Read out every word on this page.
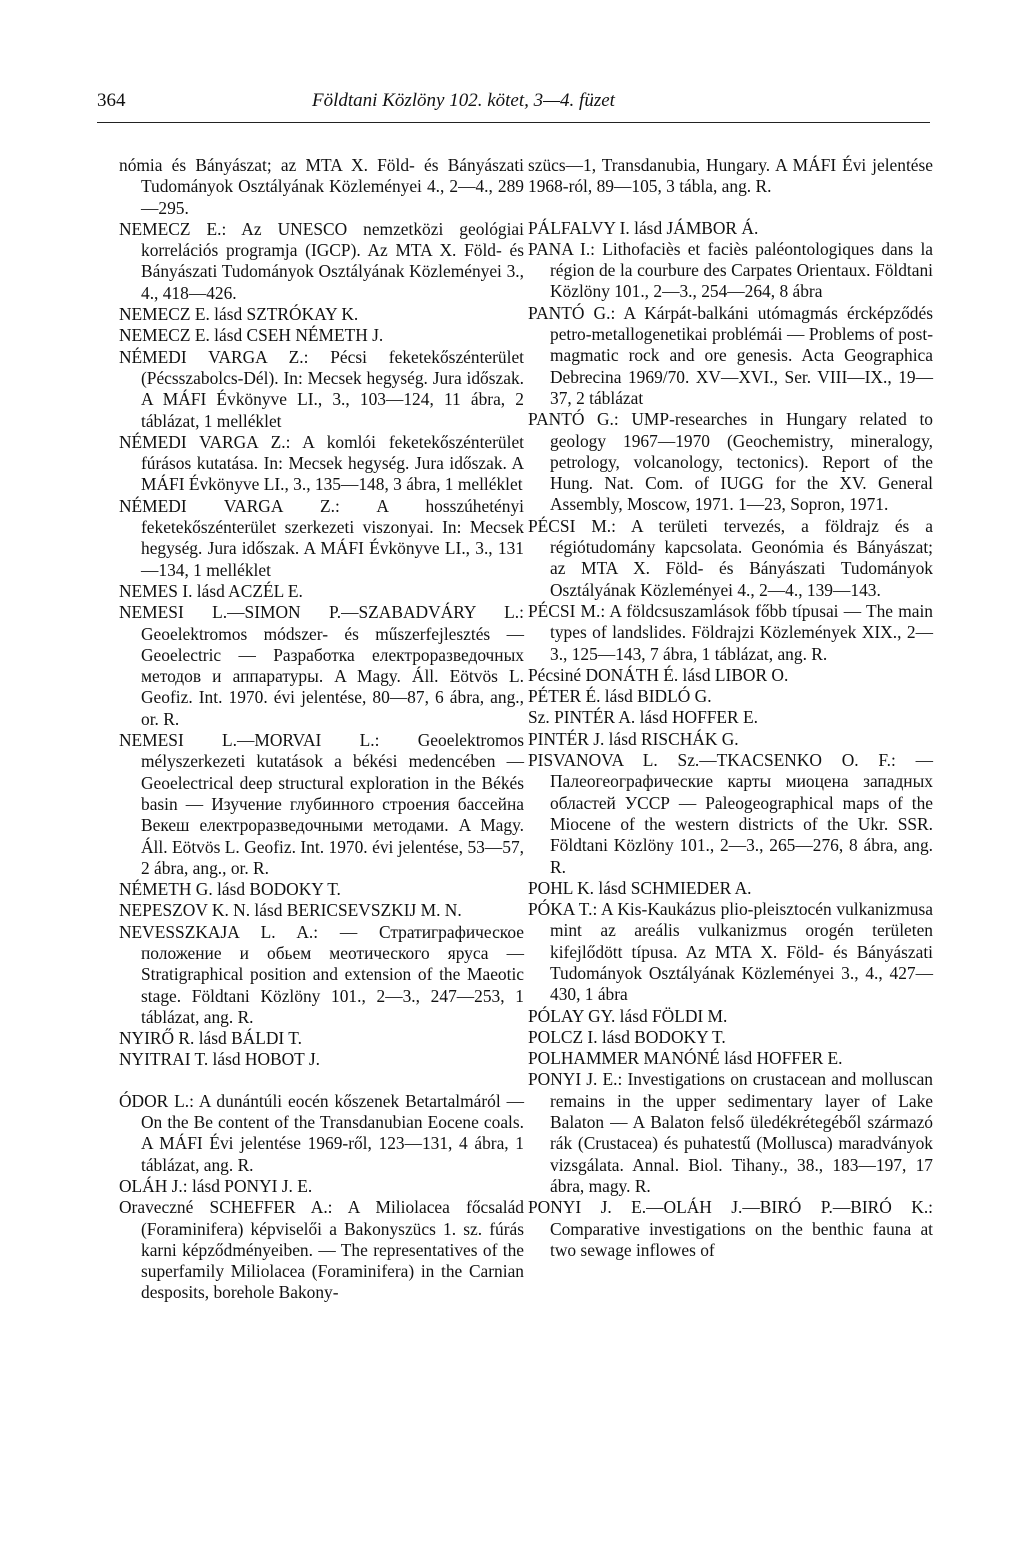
364	Földtani Közlöny 102. kötet, 3—4. füzet

nómia és Bányászat; az MTA X. Föld- és Bányászati Tudományok Osztályának Közleményei 4., 2—4., 289—295.

NEMECZ E.: Az UNESCO nemzetközi geológiai korrelációs programja (IGCP). Az MTA X. Föld- és Bányászati Tudományok Osztályának Közleményei 3., 4., 418—426.

NEMECZ E. lásd SZTRÓKAY K.

NEMECZ E. lásd CSEH NÉMETH J.

NÉMEDI VARGA Z.: Pécsi feketekőszénterület (Pécsszabolcs-Dél). In: Mecsek hegység. Jura időszak. A MÁFI Évkönyve LI., 3., 103—124, 11 ábra, 2 táblázat, 1 melléklet

NÉMEDI VARGA Z.: A komlói feketekőszénterület fúrásos kutatása. In: Mecsek hegység. Jura időszak. A MÁFI Évkönyve LI., 3., 135—148, 3 ábra, 1 melléklet

NÉMEDI VARGA Z.: A hosszúhetényi feketekőszénterület szerkezeti viszonyai. In: Mecsek hegység. Jura időszak. A MÁFI Évkönyve LI., 3., 131—134, 1 melléklet

NEMES I. lásd ACZÉL E.

NEMESI L.—SIMON P.—SZABADVÁRY L.: Geoelektromos módszer- és műszerfejlesztés — Geoelectric — Разработка електроразведочных методов и аппаратуры. A Magy. Áll. Eötvös L. Geofiz. Int. 1970. évi jelentése, 80—87, 6 ábra, ang., or. R.

NEMESI L.—MORVAI L.: Geoelektromos mélyszerkezeti kutatások a békési medencében — Geoelectrical deep structural exploration in the Békés basin — Изучение глубинного строения бассейна Векеш електроразведочными методами. A Magy. Áll. Eötvös L. Geofiz. Int. 1970. évi jelentése, 53—57, 2 ábra, ang., or. R.

NÉMETH G. lásd BODOKY T.

NEPESZOV K. N. lásd BERICSEVSZKIJ M. N.

NEVESSZKAJA L. A.: — Стратиграфическое положение и обьем меотического яруса — Stratigraphical position and extension of the Maeotic stage. Földtani Közlöny 101., 2—3., 247—253, 1 táblázat, ang. R.

NYIRŐ R. lásd BÁLDI T.

NYITRAI T. lásd HOBOT J.

ÓDOR L.: A dunántúli eocén kőszenek Betartalmáról — On the Be content of the Transdanubian Eocene coals. A MÁFI Évi jelentése 1969-ről, 123—131, 4 ábra, 1 táblázat, ang. R.

OLÁH J.: lásd PONYI J. E.

Oraveczné SCHEFFER A.: A Miliolacea főcsalád (Foraminifera) képviselői a Bakonyszücs 1. sz. fúrás karni képződményeiben. — The representatives of the superfamily Miliolacea (Foraminifera) in the Carnian desposits, borehole Bakony-

szücs—1, Transdanubia, Hungary. A MÁFI Évi jelentése 1968-ról, 89—105, 3 tábla, ang. R.

PÁLFALVY I. lásd JÁMBOR Á.

PANA I.: Lithofaciès et faciès paléontologiques dans la région de la courbure des Carpates Orientaux. Földtani Közlöny 101., 2—3., 254—264, 8 ábra

PANTÓ G.: A Kárpát-balkáni utómagmás ércképződés petro-metallogenetikai problémái — Problems of post-magmatic rock and ore genesis. Acta Geographica Debrecina 1969/70. XV—XVI., Ser. VIII—IX., 19—37, 2 táblázat

PANTÓ G.: UMP-researches in Hungary related to geology 1967—1970 (Geochemistry, mineralogy, petrology, volcanology, tectonics). Report of the Hung. Nat. Com. of IUGG for the XV. General Assembly, Moscow, 1971. 1—23, Sopron, 1971.

PÉCSI M.: A területi tervezés, a földrajz és a régiótudomány kapcsolata. Geonómia és Bányászat; az MTA X. Föld- és Bányászati Tudományok Osztályának Közleményei 4., 2—4., 139—143.

PÉCSI M.: A földcsuszamlások főbb típusai — The main types of landslides. Földrajzi Közlemények XIX., 2—3., 125—143, 7 ábra, 1 táblázat, ang. R.

Pécsiné DONÁTH É. lásd LIBOR O.

PÉTER É. lásd BIDLÓ G.

Sz. PINTÉR A. lásd HOFFER E.

PINTÉR J. lásd RISCHÁK G.

PISVANOVA L. Sz.—TKACSENKO O. F.: — Палеогеографические карты миоцена западных областей УССР — Paleogeographical maps of the Miocene of the western districts of the Ukr. SSR. Földtani Közlöny 101., 2—3., 265—276, 8 ábra, ang. R.

POHL K. lásd SCHMIEDER A.

PÓKA T.: A Kis-Kaukázus plio-pleisztocén vulkanizmusa mint az areális vulkanizmus orogén területen kifejlődött típusa. Az MTA X. Föld- és Bányászati Tudományok Osztályának Közleményei 3., 4., 427—430, 1 ábra

PÓLAY GY. lásd FÖLDI M.

POLCZ I. lásd BODOKY T.

POLHAMMER MANÓNÉ lásd HOFFER E.

PONYI J. E.: Investigations on crustacean and molluscan remains in the upper sedimentary layer of Lake Balaton — A Balaton felső üledékrétegéből származó rák (Crustacea) és puhatestű (Mollusca) maradványok vizsgálata. Annal. Biol. Tihany., 38., 183—197, 17 ábra, magy. R.

PONYI J. E.—OLÁH J.—BIRÓ P.—BIRÓ K.: Comparative investigations on the benthic fauna at two sewage inflowes of
